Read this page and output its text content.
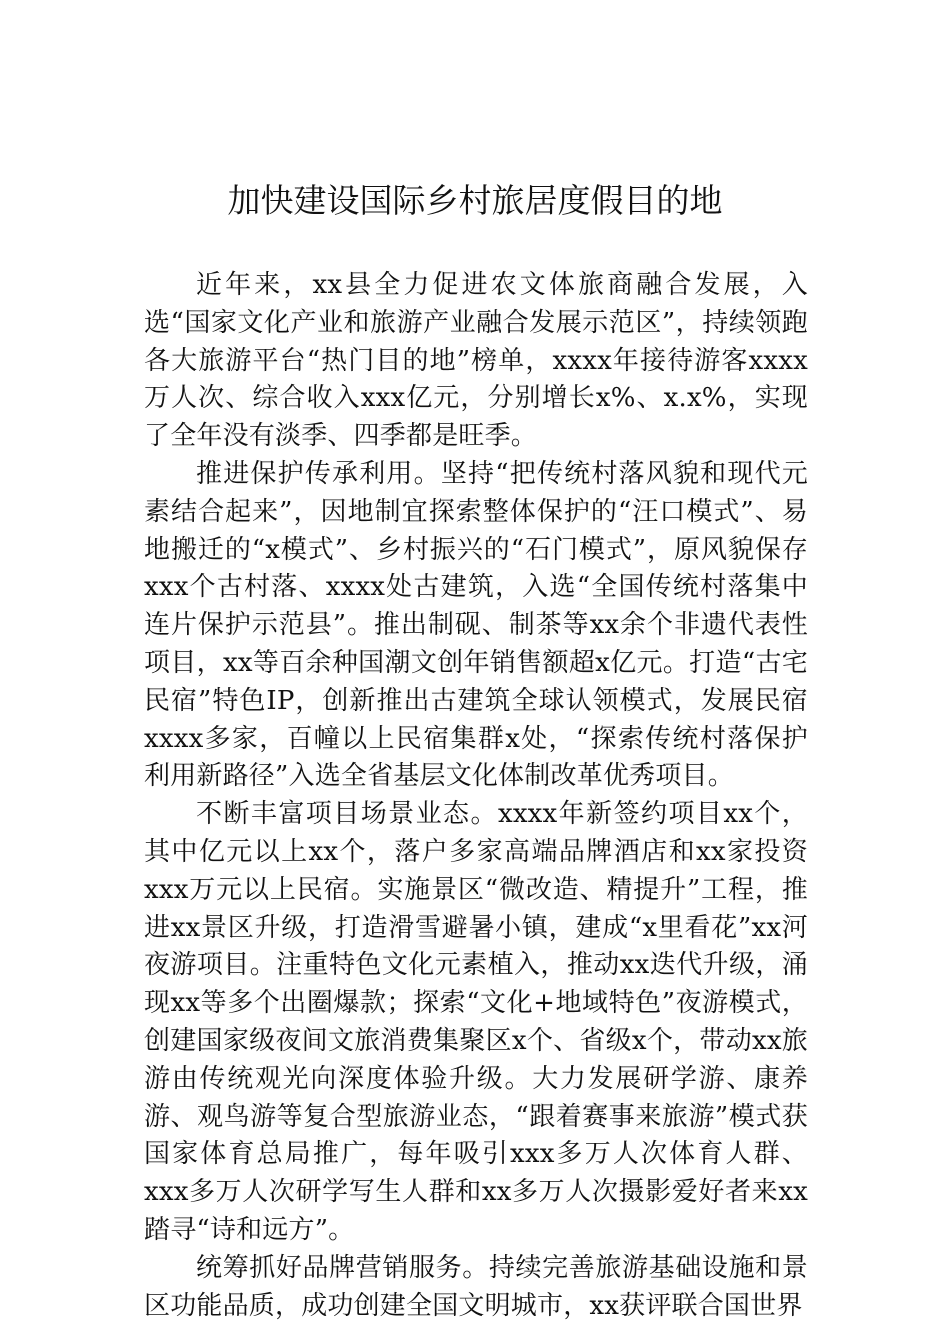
加快建设国际乡村旅居度假目的地

近年来，xx县全力促进农文体旅商融合发展，入选“国家文化产业和旅游产业融合发展示范区”，持续领跑各大旅游平台“热门目的地”榜单，xxxx年接待游客xxxx万人次、综合收入xxx亿元，分别增长x%、x.x%，实现了全年没有淡季、四季都是旺季。

推进保护传承利用。坚持“把传统村落风貌和现代元素结合起来”，因地制宜探索整体保护的“汪口模式”、易地搬迁的“x模式”、乡村振兴的“石门模式”，原风貌保存xxx个古村落、xxxx处古建筑，入选“全国传统村落集中连片保护示范县”。推出制砚、制茶等xx余个非遗代表性项目，xx等百余种国潮文创年销售额超x亿元。打造“古宅民宿”特色IP，创新推出古建筑全球认领模式，发展民宿xxxx多家，百幢以上民宿集群x处，“探索传统村落保护利用新路径”入选全省基层文化体制改革优秀项目。

不断丰富项目场景业态。xxxx年新签约项目xx个，其中亿元以上xx个，落户多家高端品牌酒店和xx家投资xxx万元以上民宿。实施景区“微改造、精提升”工程，推进xx景区升级，打造滑雪避暑小镇，建成“x里看花”xx河夜游项目。注重特色文化元素植入，推动xx迭代升级，涌现xx等多个出圈爆款；探索“文化+地域特色”夜游模式，创建国家级夜间文旅消费集聚区x个、省级x个，带动xx旅游由传统观光向深度体验升级。大力发展研学游、康养游、观鸟游等复合型旅游业态，“跟着赛事来旅游”模式获国家体育总局推广，每年吸引xxx多万人次体育人群、xxx多万人次研学写生人群和xx多万人次摄影爱好者来xx踏寻“诗和远方”。

统筹抓好品牌营销服务。持续完善旅游基础设施和景区功能品质，成功创建全国文明城市，xx获评联合国世界
